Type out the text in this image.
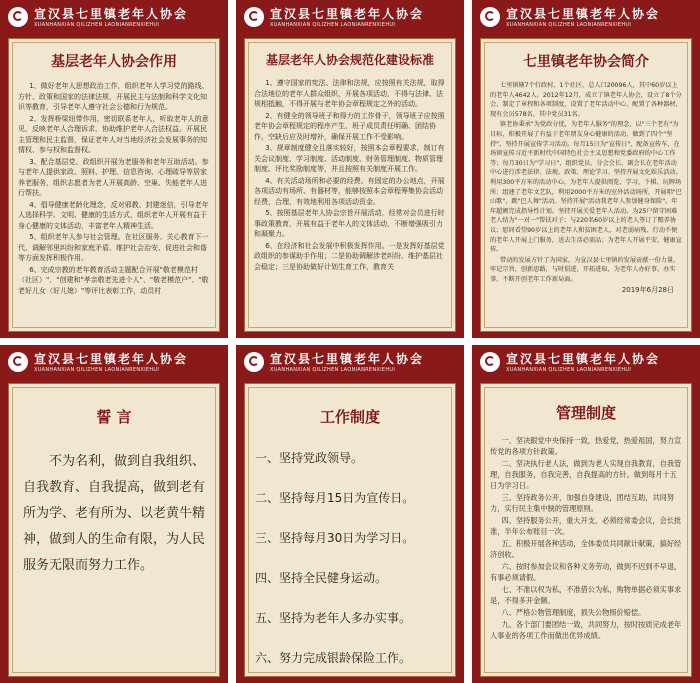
宣汉县七里镇老年人协会
XUANHANXIAN QILIZHEN LAONIANRENXIEHUI
基层老年人协会作用

1、做好老年人思想政治工作，组织老年人学习党的路线、方针、政策和国家的法律法规，开展民主与法制和科学文化知识等教育，引导老年人遵守社会公德和行为规范。

2、发挥桥梁纽带作用。密切联系老年人，听取老年人的意见，反映老年人合理诉求，协助维护老年人合法权益。开展民主管理和民主监督，保证老年人对当地经济社会发展事务的知情权、参与权和监督权。

3、配合基层党、政组织开展为老服务和老年互助活动。参与老年人提供家政、照料、护理、信息咨询、心理疏导等居家养老服务，组织志愿者为老人开展高龄、空巢、失能老年人进行帮扶。

4、倡导健康老龄化理念，反对邪教、封建迷信，引导老年人选择科学、文明、健康的生活方式，组织老年人开展有益于身心健康的文体活动，丰富老年人精神生活。

5、组织老年人参与社会管理。在社区服务、关心教育下一代、调解邻里纠纷和家庭矛盾、维护社会治安、促进社会和谐等方面发挥积极作用。

6、完成宗教的老年教育活动主题配合开展"敬老模范村（社区）"、"创建和"孝亲敬老先进个人"、"敬老模范户"、"敬老好儿女（好儿媳）"等评比表彰工作，动员村

宣汉县七里镇老年人协会
XUANHANXIAN QILIZHEN LAONIANRENXIEHUI
基层老年人协会规范化建设标准

1、遵守国家的宪法、法律和法规，应按照有关法规，取得合法地位的老年人群众组织，开展各项活动，不得与法律、法规相抵触，不得开展与老年协会章程规定之外的活动。

2、有健全的领导班子和得力的工作骨干，领导班子应按照老年协会章程规定的程序产生，班子成员责任明确、团结协作，空缺后应及时增补，确保开展工作不受影响。

3、规章制度健全且落实较好，按照本会章程要求，制订有关会议制度、学习制度、活动制度、财务管理制度、物质管理制度、评比奖励制度等，并且按照有关制度开展工作。

4、有关活动场所和必要的经费。有固定的办公地点，开展各项活动有场所、有器材等，能够按照本会章程筹集协会活动经费，合理、有效地利用各项活动资金。

5、按照基层老年人协会宗旨开展活动，经常对会员进行时事政策教育，开展有益于老年人的文体活动，不断增强吸引力和凝聚力。

6、在经济和社会发展中积极发挥作用。一是发挥好基层党政组织的参谋助手作用；二是协助调解涉老纠纷、维护基层社会稳定；三是协助做好计划生育工作，教育关

宣汉县七里镇老年人协会
XUANHANXIAN QILIZHEN LAONIANRENXIEHUI
七里镇老年协会简介

七里镇辖7个行政村、1个社区，总人口20096人，其中60岁以上的老年人4642人。2012年12月，成立了镇老年人协会，设立了8个分会，制定了章程和各项制度，设置了老年活动中心，配置了各种器材，现有会员578名，其中党员31名。

镇老协秉承"为党政分忧，为老年人服务"的理念，以"三个老有"为目标，积极开展了有益于老年朋友身心健康的活动，做到了四个"坚持"。坚持开展宣传学习活动。每月15日为"宣传日"，配备宣传车，在场镇宣传习近平新时代中国特色社会主义思想和党委政府的中心工作等；每月30日为"学习日"，组织党员、分会会长、副会长在老年活动中心进行涉老法律、法规、政策、理论学习。坚持开展文化娱乐活动。利用300平方米的活动中心，为老年人提供阅览、学习、下棋、玩牌场所；组建了老年文艺队，利用2000平方米的室外活动场所，开展唱"巴山歌"、跳"巴人舞"活动。坚持开展"活动我老年人参加健身保险"。年年超额完成指导性计划。坚持开展关爱老年人活动。为25户留守困难老人结为"一对一"帮扶对子；与220名60岁以上的老人签订了赡养协议；慰问看望90岁以上的老年人和贫困老人，对老弱病残、行动不便的老年人开展上门服务，送去生活必需品；为老年人开展平安、健康宣传。

带动的发展方针了为国家，为宣汉县七里镇的发展贡献一份力量，牢记宗旨，创新思路，与时俱进，开拓进取，为老年人办好事、办实事，不断开创老年工作新局面。

2019年6月28日
宣汉县七里镇老年人协会
XUANHANXIAN QILIZHEN LAONIANRENXIEHUI
誓 言

不为名利，做到自我组织、自我教育、自我提高，做到老有所为学、老有所为、以老黄牛精神，做到人的生命有限，为人民服务无限而努力工作。

宣汉县七里镇老年人协会
XUANHANXIAN QILIZHEN LAONIANRENXIEHUI
工作制度
一、坚持党政领导。
二、坚持每月15日为宣传日。
三、坚持每月30日为学习日。
四、坚持全民健身运动。
五、坚持为老年人多办实事。
六、努力完成银龄保险工作。
宣汉县七里镇老年人协会
XUANHANXIAN QILIZHEN LAONIANRENXIEHUI
管理制度

一、坚决跟党中央保持一致，热爱党，热爱祖国，努力宣传党的各项方针政策。

二、坚决执行老人法，做到为老人实现自我教育，自我管理，自我服务，自我完善，自我提高的方针。做到每月十五日为学习日。

三、坚持政务公开，加强自身建设，团结互助，共同努力，实行民主集中制的管理原则。

四、坚持服务公开，重大开支，必须经常委会议，会长批准，半年公布账目一次。

五、积极开展各种活动，全体委员共同献计献策，搞好经济创收。

六、按时参加会议和各种义务劳动，做到不迟到不早退，有事必须请假。

七、不准以权为私，不准借公为私，购物单据必须实事求是，不得多开金额。

八、严格公物管理制度，损失公物照价赔偿。

九、各个部门要团结一致，共同努力，按时按质完成老年人事业的各项工作而做出优异成绩。
